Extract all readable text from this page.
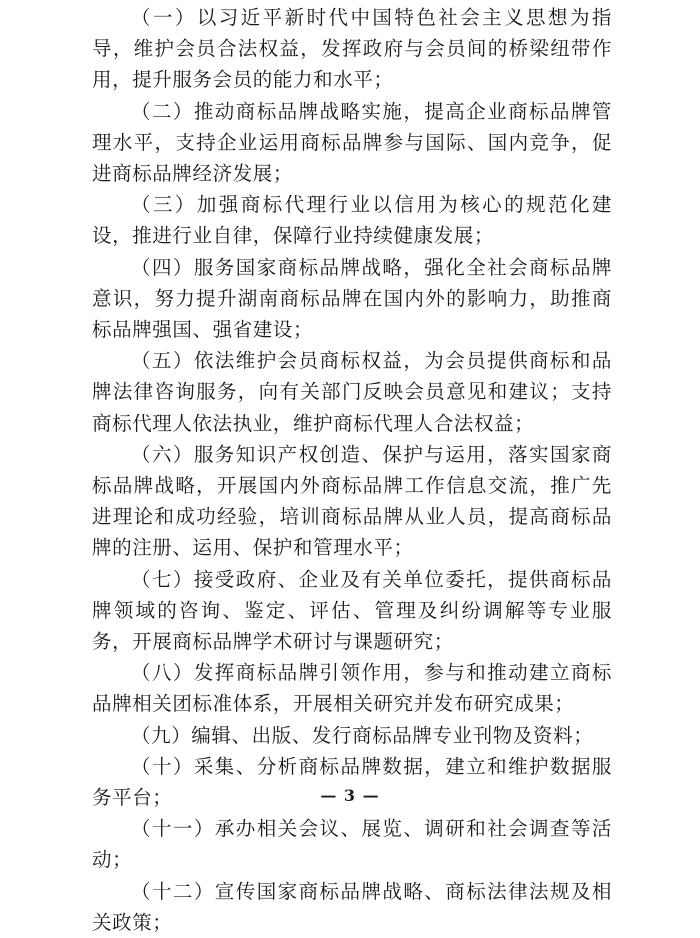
（一）以习近平新时代中国特色社会主义思想为指导，维护会员合法权益，发挥政府与会员间的桥梁纽带作用，提升服务会员的能力和水平；

（二）推动商标品牌战略实施，提高企业商标品牌管理水平，支持企业运用商标品牌参与国际、国内竞争，促进商标品牌经济发展；

（三）加强商标代理行业以信用为核心的规范化建设，推进行业自律，保障行业持续健康发展；

（四）服务国家商标品牌战略，强化全社会商标品牌意识，努力提升湖南商标品牌在国内外的影响力，助推商标品牌强国、强省建设；

（五）依法维护会员商标权益，为会员提供商标和品牌法律咨询服务，向有关部门反映会员意见和建议；支持商标代理人依法执业，维护商标代理人合法权益；

（六）服务知识产权创造、保护与运用，落实国家商标品牌战略，开展国内外商标品牌工作信息交流，推广先进理论和成功经验，培训商标品牌从业人员，提高商标品牌的注册、运用、保护和管理水平；

（七）接受政府、企业及有关单位委托，提供商标品牌领域的咨询、鉴定、评估、管理及纠纷调解等专业服务，开展商标品牌学术研讨与课题研究；

（八）发挥商标品牌引领作用，参与和推动建立商标品牌相关团标准体系，开展相关研究并发布研究成果；

（九）编辑、出版、发行商标品牌专业刊物及资料；

（十）采集、分析商标品牌数据，建立和维护数据服务平台；

（十一）承办相关会议、展览、调研和社会调查等活动；

（十二）宣传国家商标品牌战略、商标法律法规及相关政策；

— 3 —
